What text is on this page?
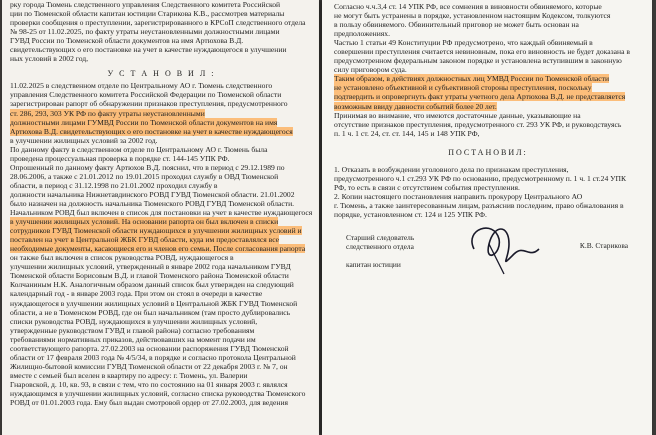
рку города Тюмень следственного управления Следственного комитета Российской
ции по Тюменской области капитан юстиции Старикова К.В., рассмотрев материалы
проверки сообщения о преступлении, зарегистрированного в КРСоП следственного отдела
№ 98-25 от 11.02.2025, по факту утраты неустановленными должностными лицами
ГУВД России по Тюменской области документов на имя Артюхова В.Д.
свидетельствующих о его постановке на учет в качестве нуждающегося в улучшении
ных условий в 2002 год,
У С Т А Н О В И Л :
11.02.2025 в следственном отделе по Центральному АО г. Тюмень следственного
управления Следственного комитета Российской Федерации по Тюменской области
зарегистрирован рапорт об обнаружении признаков преступления, предусмотренного
ст. 286, 293, 303 УК РФ по факту утраты неустановленными
должностными лицами ГУМВД России по Тюменской области документов на имя
Артюхова В.Д. свидетельствующих о его постановке на учет в качестве нуждающегося
в улучшении жилищных условий за 2002 год.
По данному факту в следственном отделе по Центральному АО г. Тюмень была
проведена процессуальная проверка в порядке ст. 144-145 УПК РФ.
Опрошенный по данному факту Артюхов В.Д. пояснил, что в период с 29.12.1989 по
28.06.2006, а также с 21.01.2012 по 19.01.2015 проходил службу в ОВД Тюменской
области, в период с 31.12.1998 по 21.01.2002 проходил службу в
должности начальника Нижнетавдинского РОВД ГУВД Тюменской области. 21.01.2002
было назначен на должность начальника Тюменского РОВД ГУВД Тюменской области.
Начальником РОВД был включен в список для постановки на учет в качестве нуждающегося
в улучшении жилищных условий. На основании рапорта он был включен в списки
сотрудников ГУВД Тюменской области нуждающихся в улучшении жилищных условий и
поставлен на учет в Центральной ЖБК ГУВД области, куда им предоставлялся все
необходимые документы, касающиеся его и членов его семьи. После согласования рапорта
он также был включен в список руководства РОВД, нуждающегося в
улучшении жилищных условий, утвержденный в январе 2002 года начальником ГУВД
Тюменской области Борисовым В.Д. и главой Тюменского района Тюменской области
Колчаниным Н.К. Аналогичным образом данный список был утвержден на следующий
календарный год - в январе 2003 года. При этом он стоял в очереди в качестве
нуждающегося в улучшении жилищных условий в Центральной ЖБК ГУВД Тюменской
области, а не в Тюменском РОВД, где он был начальником (там просто дублировались
списки руководства РОВД, нуждающихся в улучшении жилищных условий,
утвержденные руководством ГУВД и главой района) согласно требованиям
требованиями нормативных приказов, действовавших на момент подачи им
соответствующего рапорта. 27.02.2003 на основании распоряжения ГУВД Тюменской
области от 17 февраля 2003 года № 4/5/34, в порядке и согласно протокола Центральной
Жилищно-бытовой комиссии ГУВД Тюменской области от 22 декабря 2003 г. № 7, он
вместе с семьей был вселен в квартиру по адресу: г. Тюмень, ул. Валерии
Гнаровской, д. 10, кв. 93, в связи с тем, что по состоянию на 01 января 2003 г. являлся
нуждающимся в улучшении жилищных условий, согласно списка руководства Тюменского
РОВД от 01.01.2003 года. Ему был выдан смотровой ордер от 27.02.2003, для ведения
Согласно ч.ч.3,4 ст. 14 УПК РФ, все сомнения в виновности обвиняемого, которые
не могут быть устранены в порядке, установленном настоящим Кодексом, толкуются
в пользу обвиняемого. Обвинительный приговор не может быть основан на
предположениях.
Частью 1 статьи 49 Конституции РФ предусмотрено, что каждый обвиняемый в
совершении преступления считается невиновным, пока его виновность не будет доказана в
предусмотренном федеральным законом порядке и установлена вступившим в законную
силу приговором суда.
Таким образом, в действиях должностных лиц УМВД России по Тюменской области
не установлено объективной и субъективной стороны преступления, поскольку
подтвердить и опровергнуть факт утраты учетного дела Артюхова В.Д. не представляется
возможным ввиду давности событий более 20 лет.
Принимая во внимание, что имеются достаточные данные, указывающие на
отсутствие признаков преступления, предусмотренного ст. 293 УК РФ, и руководствуясь
п. 1 ч. 1 ст. 24, ст. ст. 144, 145 и 148 УПК РФ,
ПОСТАНОВИЛ:
1. Отказать в возбуждении уголовного дела по признакам преступления,
предусмотренного ч.1 ст.293 УК РФ по основанию, предусмотренному п. 1 ч. 1 ст.24 УПК
РФ, то есть в связи с отсутствием события преступления.
2. Копии настоящего постановления направить прокурору Центрального АО
г. Тюмень, а также заинтересованным лицам, разъяснив последним, право обжалования в
порядке, установленном ст. 124 и 125 УПК РФ.
Старший следователь
следственного отдела

капитан юстиции
К.В. Старикова
